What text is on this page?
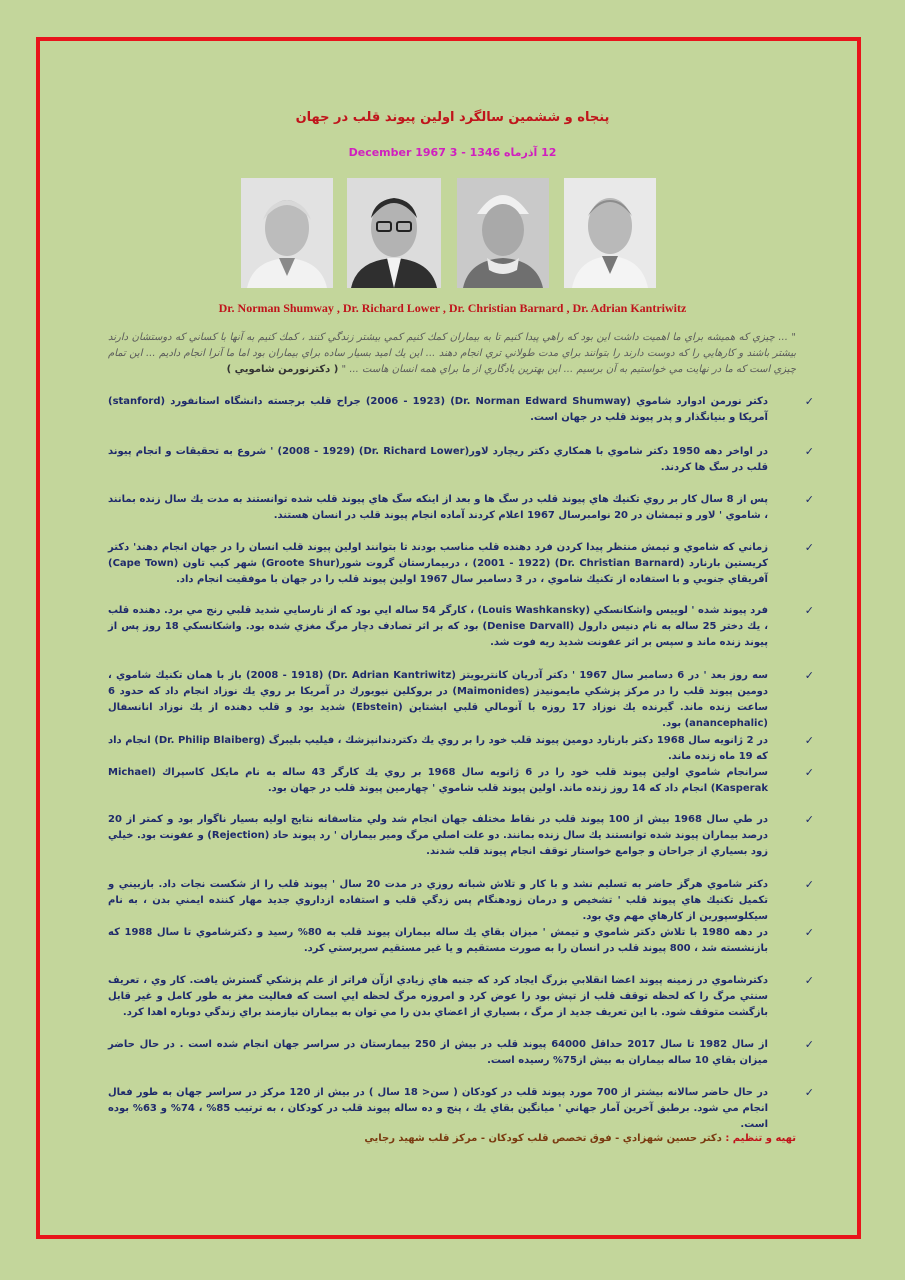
پنجاه و ششمين سالگرد اولين پيوند قلب در جهان
12 آذرماه 1346 - 3 December 1967
Dr. Norman Shumway , Dr. Richard Lower , Dr. Christian Barnard , Dr. Adrian Kantriwitz
" ... چيزي كه هميشه براي ما اهميت داشت اين بود كه راهي پيدا كنيم تا به بيماران كمك كنيم كمي بيشتر زندگي كنند ، كمك كنيم به آنها با كساني كه دوستشان دارند بيشتر باشند و كارهايي را كه دوست دارند را بتوانند براي مدت طولاني تري انجام دهند ... اين يك اميد بسيار ساده براي بيماران بود اما ما آنرا انجام داديم ... اين تمام چيزي است كه ما در نهايت مي خواستيم به آن برسيم ... اين بهترين يادگاري از ما براي همه انسان هاست ... " ( دكترنورمن شامويي )
✓
دكتر نورمن ادوارد شاموي (Dr. Norman Edward Shumway) (2006 - 1923) جراح قلب برجسته دانشگاه استانفورد (stanford) آمريكا و بنيانگذار و پدر پيوند قلب در جهان است.
✓
در اواخر دهه 1950 دكتر شاموي با همكاري دكتر ريچارد لاور(Dr. Richard Lower) (2008 - 1929) ' شروع به تحقيقات و انجام پيوند قلب در سگ ها كردند.
✓
پس از 8 سال كار بر روي تكنيك هاي پيوند قلب در سگ ها و بعد از اينكه سگ هاي پيوند قلب شده توانستند به مدت يك سال زنده بمانند ، شاموي ' لاور و تيمشان در 20 نوامبرسال 1967 اعلام كردند آماده انجام پيوند قلب در انسان هستند.
✓
زماني كه شاموي و تيمش منتظر پيدا كردن فرد دهنده قلب مناسب بودند تا بتوانند اولين پيوند قلب انسان را در جهان انجام دهند' دكتر كريستين بارنارد (Dr. Christian Barnard) (2001 - 1922) ، دربيمارستان گروت شور(Groote Shur) شهر كيپ تاون (Cape Town) آفريقاي جنوبي و با استفاده از تكنيك شاموي ، در 3 دسامبر سال 1967 اولين پيوند قلب را در جهان با موفقيت انجام داد.
✓
فرد پيوند شده ' لوييس واشكانسكي (Louis Washkansky) ، كارگر 54 ساله ايي بود كه از نارسايي شديد قلبي رنج مي برد. دهنده قلب ، يك دختر 25 ساله به نام دنيس دارول (Denise Darvall) بود كه بر اثر تصادف دچار مرگ مغزي شده بود. واشكانسكي 18 روز پس از پيوند زنده ماند و سپس بر اثر عفونت شديد ريه فوت شد.
✓
سه روز بعد ' در 6 دسامبر سال 1967 ' دكتر آدريان كانتريويتز (Dr. Adrian Kantriwitz) (2008 - 1918) باز با همان تكنيك شاموي ، دومين پيوند قلب را در مركز پزشكي مايمونيدز (Maimonides) در بروكلين نيويورك در آمريكا بر روي يك نوزاد انجام داد كه حدود 6 ساعت زنده ماند. گيرنده يك نوزاد 17 روزه با آنومالي قلبي ابشتاين (Ebstein) شديد بود و قلب دهنده از يك نوزاد انانسفال (anancephalic) بود.
✓
در 2 ژانويه سال 1968 دكتر بارنارد دومين پيوند قلب خود را بر روي يك دكتردندانپزشك ، فيليپ بليبرگ (Dr. Philip Blaiberg) انجام داد كه 19 ماه زنده ماند.
✓
سرانجام شاموي اولين پيوند قلب خود را در 6 ژانويه سال 1968 بر روي يك كارگر 43 ساله به نام مايكل كاسپراك (Michael Kasperak) انجام داد كه 14 روز زنده ماند. اولين پيوند قلب شاموي ' چهارمين پيوند قلب در جهان بود.
✓
در طي سال 1968 بيش از 100 پيوند قلب در نقاط مختلف جهان انجام شد ولي متاسفانه نتايج اوليه بسيار ناگوار بود و كمتر از 20 درصد بيماران پيوند شده توانستند يك سال زنده بمانند. دو علت اصلي مرگ ومير بيماران ' رد پيوند حاد (Rejection) و عفونت بود. خيلي زود بسياري از جراحان و جوامع خواستار توقف انجام پيوند قلب شدند.
✓
دكتر شاموي هرگز حاضر به تسليم نشد و با كار و تلاش شبانه روزي در مدت 20 سال ' پيوند قلب را از شكست نجات داد. بازبيني و تكميل تكنيك هاي پيوند قلب ' تشخيص و درمان زودهنگام پس زدگي قلب و استفاده ازداروي جديد مهار كننده ايمني بدن ، به نام سيكلوسپورين از كارهاي مهم وي بود.
✓
در دهه 1980 با تلاش دكتر شاموي و تيمش ' ميزان بقاي يك ساله بيماران پيوند قلب به 80% رسيد و دكترشاموي تا سال 1988 كه بازنشسته شد ، 800 پيوند قلب در انسان را به صورت مستقيم و يا غير مستقيم سرپرستي كرد.
✓
دكترشاموي در زمينه پيوند اعضا انقلابي بزرگ ايجاد كرد كه جنبه هاي زيادي ازآن فراتر از علم پزشكي گسترش يافت. كار وي ، تعريف سنتي مرگ را كه لحظه توقف قلب از تپش بود را عوض كرد و امروزه مرگ لحظه ايي است كه فعاليت مغز به طور كامل و غير قابل بازگشت متوقف شود. با اين تعريف جديد از مرگ ، بسياري از اعضاي بدن را مي توان به بيماران نيازمند براي زندگي دوباره اهدا كرد.
✓
از سال 1982 تا سال 2017 حداقل 64000 پيوند قلب در بيش از 250 بيمارستان در سراسر جهان انجام شده است . در حال حاضر ميزان بقاي 10 ساله بيماران به بيش از75% رسيده است.
✓
در حال حاضر سالانه بيشتر از 700 مورد پيوند قلب در كودكان ( سن< 18 سال ) در بيش از 120 مركز در سراسر جهان به طور فعال انجام مي شود. برطبق آخرين آمار جهاني ' ميانگين بقاي يك ، پنج و ده ساله پيوند قلب در كودكان ، به ترتيب 85% ، 74% و 63% بوده است.
تهيه و تنظيم : دكتر حسين شهزادي - فوق تخصص قلب كودكان - مركز قلب شهيد رجايي
